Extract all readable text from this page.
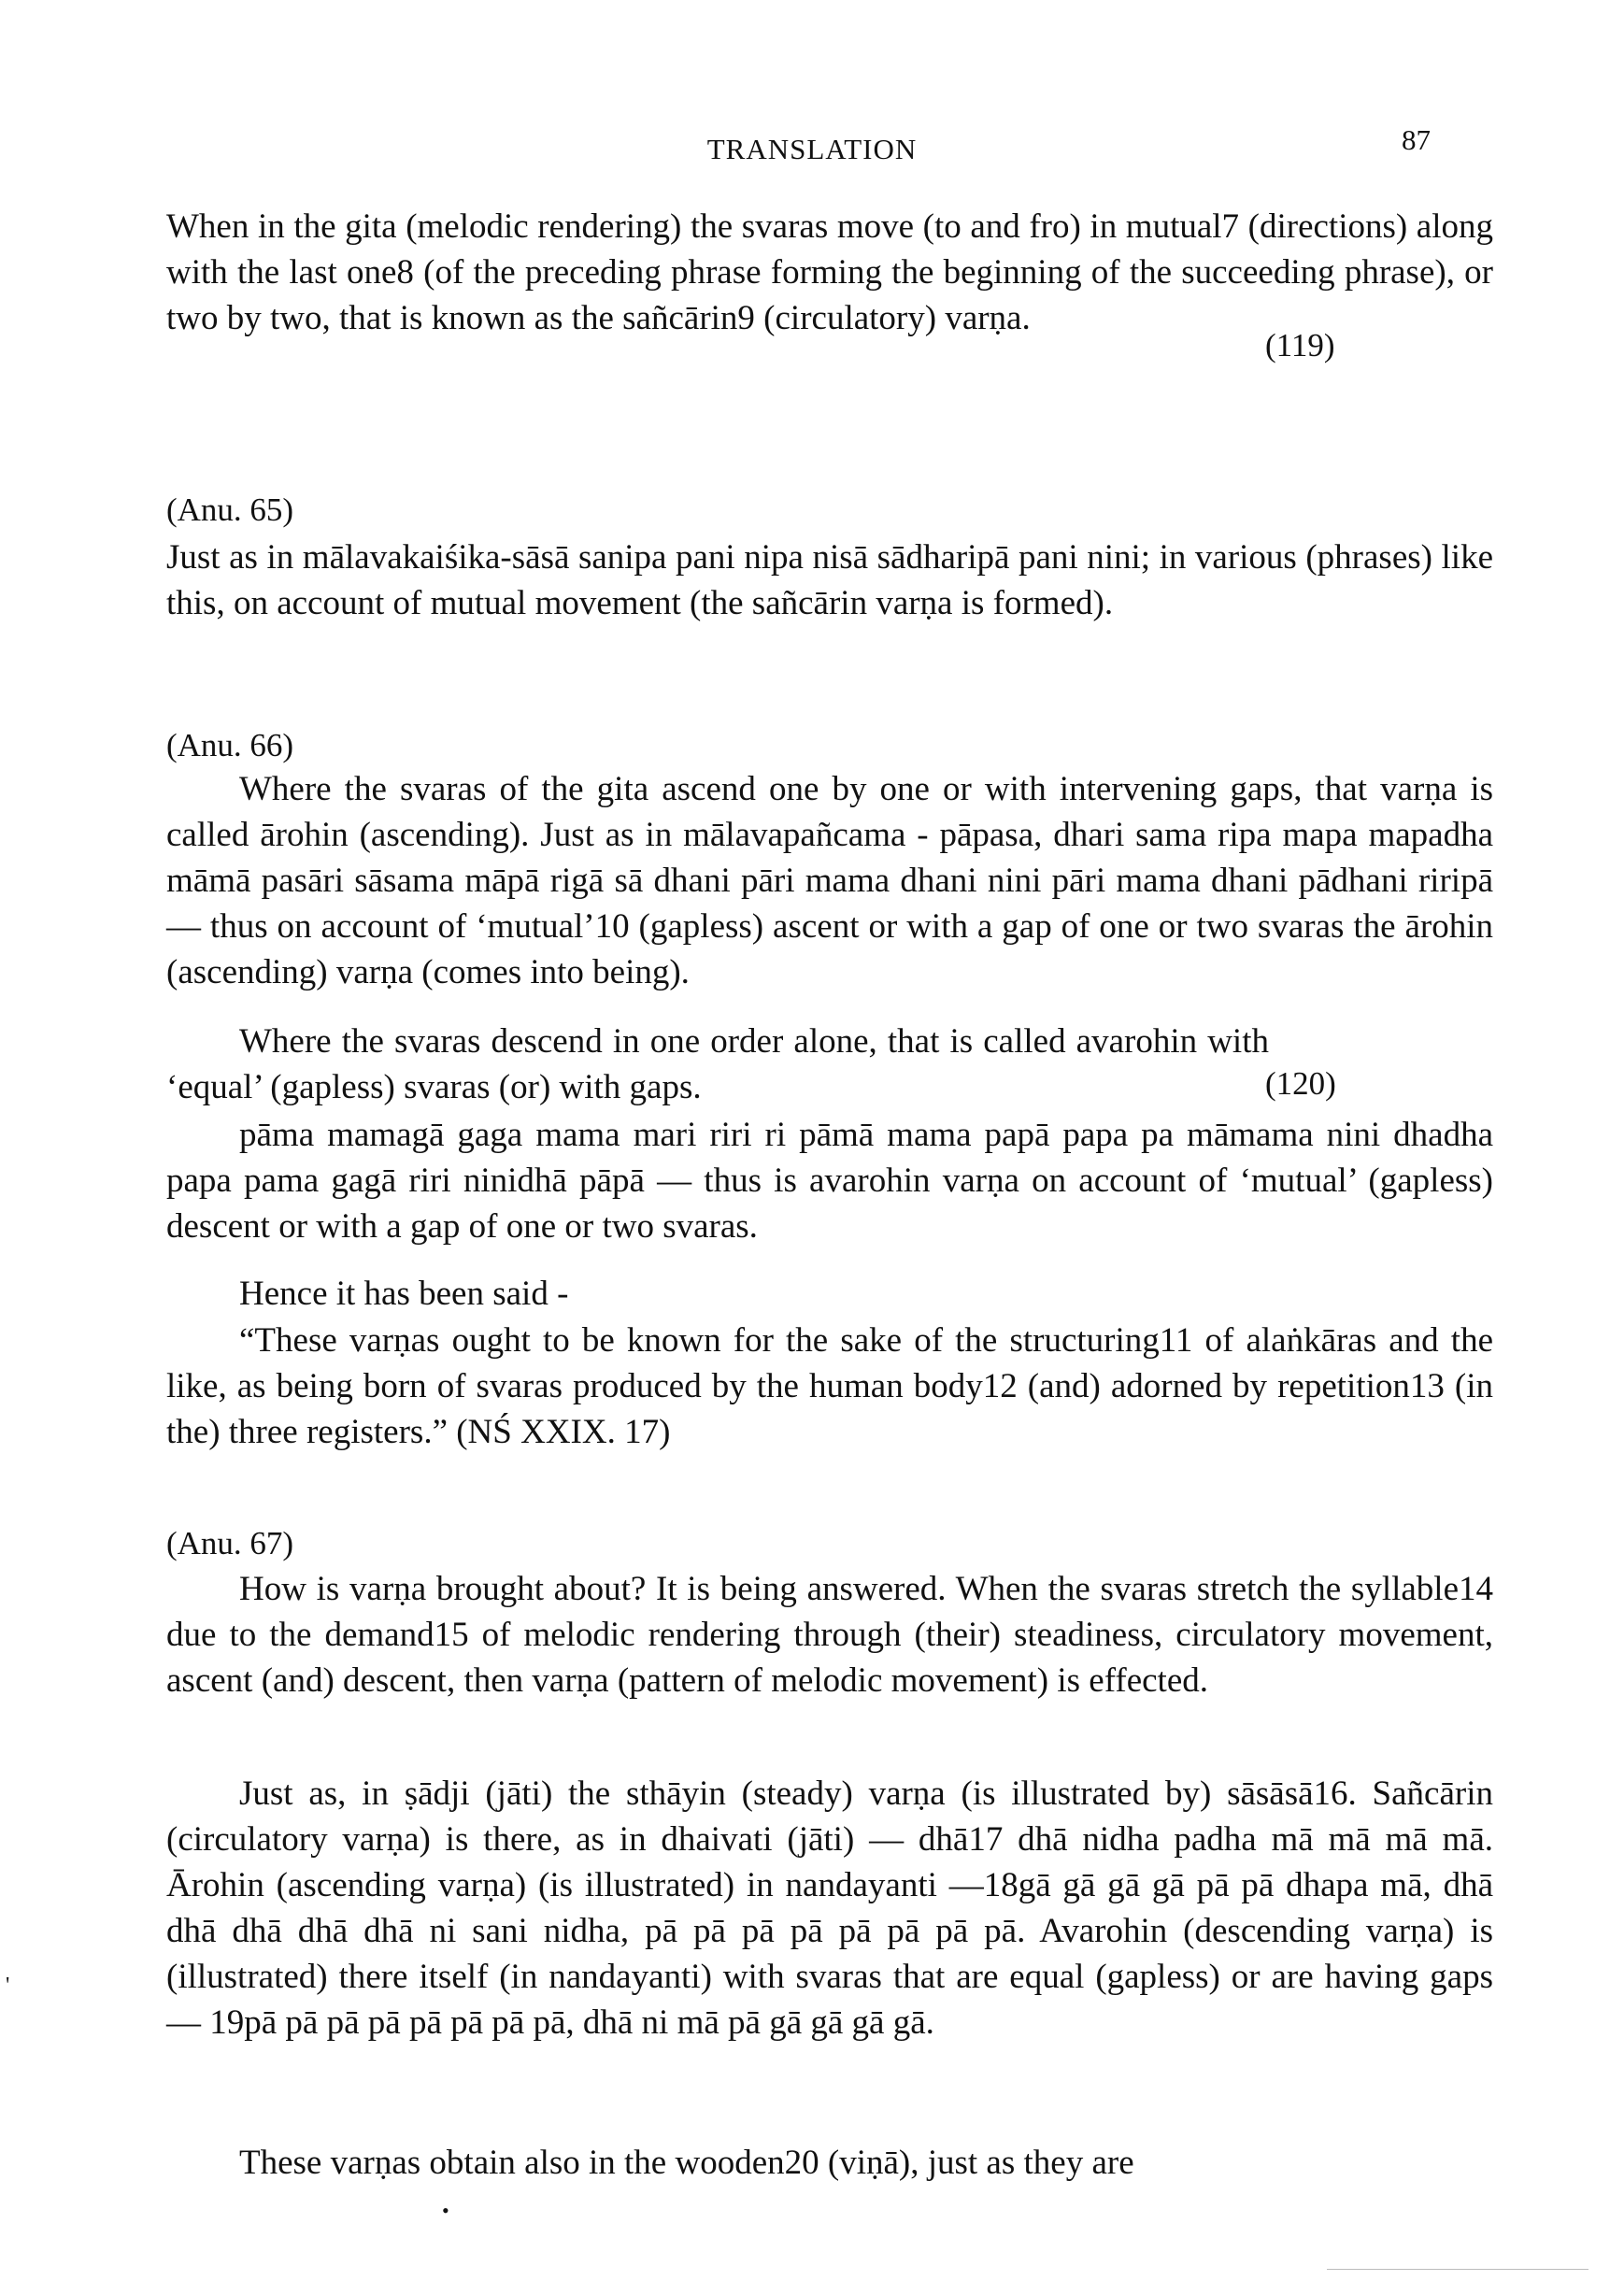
TRANSLATION	87
When in the gita (melodic rendering) the svaras move (to and fro) in mutual7 (directions) along with the last one8 (of the preceding phrase forming the beginning of the succeeding phrase), or two by two, that is known as the sañcārin9 (circulatory) varṇa.
(119)
(Anu. 65)
Just as in mālavakaiśika-sāsā sanipa pani nipa nisā sādharipā pani nini; in various (phrases) like this, on account of mutual movement (the sañcārin varṇa is formed).
(Anu. 66)
Where the svaras of the gita ascend one by one or with intervening gaps, that varṇa is called ārohin (ascending). Just as in mālavapañcama - pāpasa, dhari sama ripa mapa mapadha māmā pasāri sāsama māpā rigā sā dhani pāri mama dhani nini pāri mama dhani pādhani riripā — thus on account of ‘mutual’10 (gapless) ascent or with a gap of one or two svaras the ārohin (ascending) varṇa (comes into being).
Where the svaras descend in one order alone, that is called avarohin with ‘equal’ (gapless) svaras (or) with gaps.	(120)
pāma mamagā gaga mama mari riri ri pāmā mama papā papa pa māmama nini dhadha papa pama gagā riri ninidhā pāpā — thus is avarohin varṇa on account of ‘mutual’ (gapless) descent or with a gap of one or two svaras.
Hence it has been said -
“These varṇas ought to be known for the sake of the structuring11 of alaṅkāras and the like, as being born of svaras produced by the human body12 (and) adorned by repetition13 (in the) three registers.” (NŚ XXIX. 17)
(Anu. 67)
How is varṇa brought about? It is being answered. When the svaras stretch the syllable14 due to the demand15 of melodic rendering through (their) steadiness, circulatory movement, ascent (and) descent, then varṇa (pattern of melodic movement) is effected.
Just as, in ṣādji (jāti) the sthāyin (steady) varṇa (is illustrated by) sāsāsā16. Sañcārin (circulatory varṇa) is there, as in dhaivati (jāti) — dhā17 dhā nidha padha mā mā mā mā. Ārohin (ascending varṇa) (is illustrated) in nandayanti —18gā gā gā gā pā pā dhapa mā, dhā dhā dhā dhā dhā ni sani nidha, pā pā pā pā pā pā pā pā. Avarohin (descending varṇa) is (illustrated) there itself (in nandayanti) with svaras that are equal (gapless) or are having gaps — 19pā pā pā pā pā pā pā pā, dhā ni mā pā gā gā gā gā.
These varṇas obtain also in the wooden20 (viṇā), just as they are
•
'
